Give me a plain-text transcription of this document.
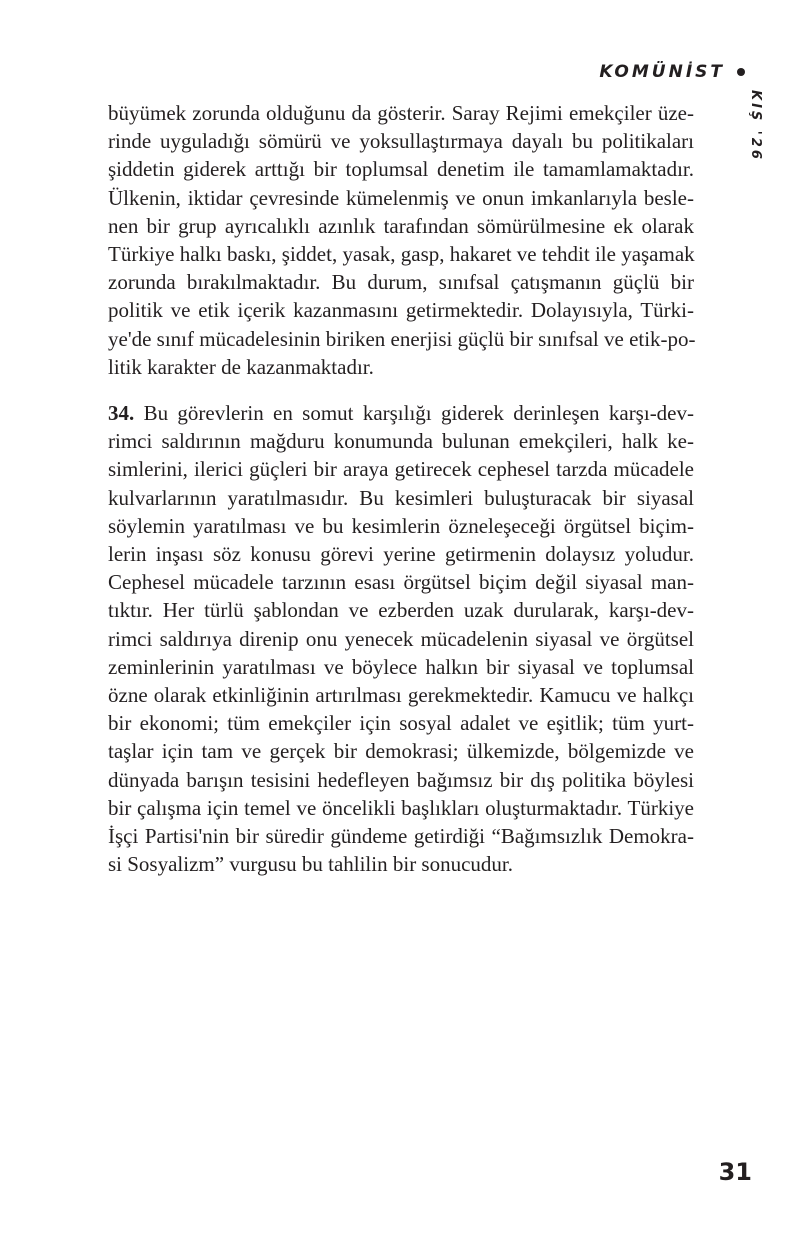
KOMÜNİST
KIŞ '26

büyümek zorunda olduğunu da gösterir. Saray Rejimi emekçiler üze-
rinde uyguladığı sömürü ve yoksullaştırmaya dayalı bu politikaları
şiddetin giderek arttığı bir toplumsal denetim ile tamamlamaktadır.
Ülkenin, iktidar çevresinde kümelenmiş ve onun imkanlarıyla besle-
nen bir grup ayrıcalıklı azınlık tarafından sömürülmesine ek olarak
Türkiye halkı baskı, şiddet, yasak, gasp, hakaret ve tehdit ile yaşamak
zorunda bırakılmaktadır. Bu durum, sınıfsal çatışmanın güçlü bir
politik ve etik içerik kazanmasını getirmektedir. Dolayısıyla, Türki-
ye'de sınıf mücadelesinin biriken enerjisi güçlü bir sınıfsal ve etik-po-
litik karakter de kazanmaktadır.

34. Bu görevlerin en somut karşılığı giderek derinleşen karşı-dev-
rimci saldırının mağduru konumunda bulunan emekçileri, halk ke-
simlerini, ilerici güçleri bir araya getirecek cephesel tarzda mücadele
kulvarlarının yaratılmasıdır. Bu kesimleri buluşturacak bir siyasal
söylemin yaratılması ve bu kesimlerin özneleşeceği örgütsel biçim-
lerin inşası söz konusu görevi yerine getirmenin dolaysız yoludur.
Cephesel mücadele tarzının esası örgütsel biçim değil siyasal man-
tıktır. Her türlü şablondan ve ezberden uzak durularak, karşı-dev-
rimci saldırıya direnip onu yenecek mücadelenin siyasal ve örgütsel
zeminlerinin yaratılması ve böylece halkın bir siyasal ve toplumsal
özne olarak etkinliğinin artırılması gerekmektedir. Kamucu ve halkçı
bir ekonomi; tüm emekçiler için sosyal adalet ve eşitlik; tüm yurt-
taşlar için tam ve gerçek bir demokrasi; ülkemizde, bölgemizde ve
dünyada barışın tesisini hedefleyen bağımsız bir dış politika böylesi
bir çalışma için temel ve öncelikli başlıkları oluşturmaktadır. Türkiye
İşçi Partisi'nin bir süredir gündeme getirdiği “Bağımsızlık Demokra-
si Sosyalizm” vurgusu bu tahlilin bir sonucudur.

31
